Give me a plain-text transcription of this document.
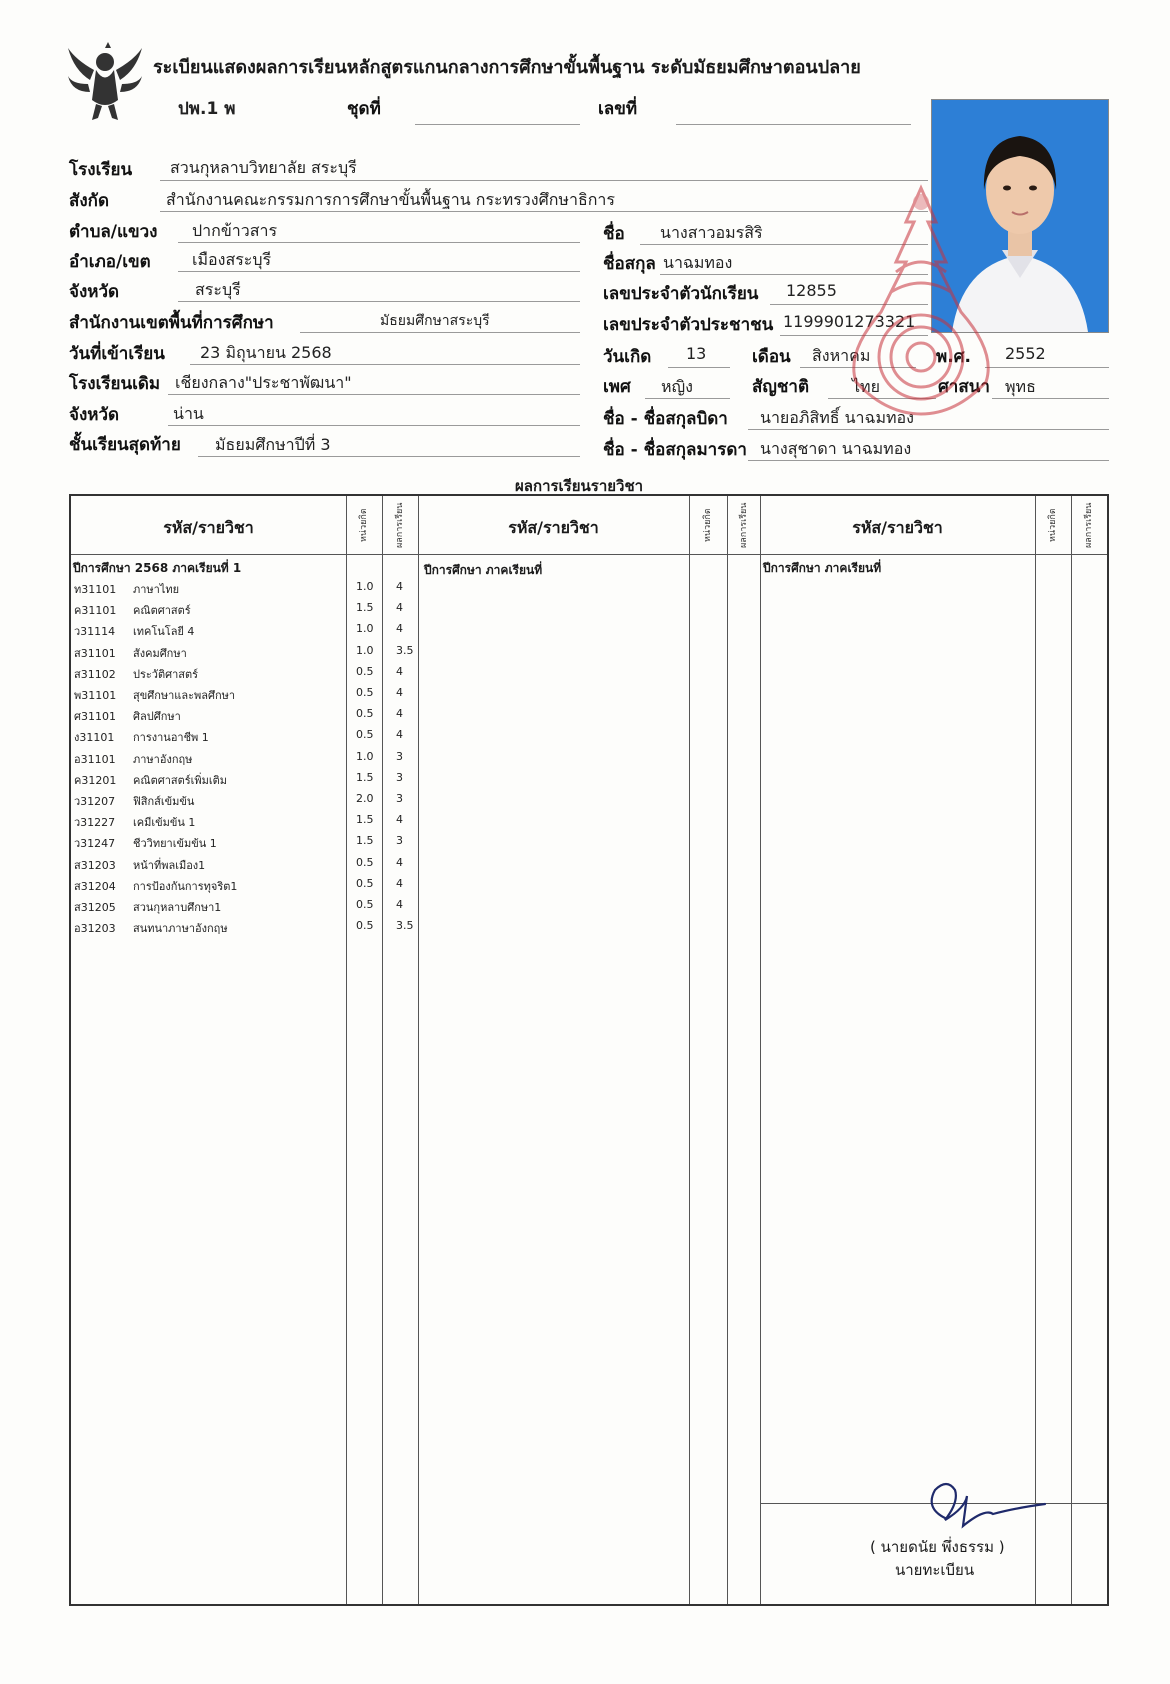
ระเบียนแสดงผลการเรียนหลักสูตรแกนกลางการศึกษาขั้นพื้นฐาน ระดับมัธยมศึกษาตอนปลาย
ปพ.1 พ	ชุดที่	เลขที่
โรงเรียน สวนกุหลาบวิทยาลัย สระบุรี
สังกัด	สำนักงานคณะกรรมการการศึกษาขั้นพื้นฐาน กระทรวงศึกษาธิการ
ตำบล/แขวง ปากข้าวสาร
อำเภอ/เขต	เมืองสระบุรี
จังหวัด	สระบุรี
สำนักงานเขตพื้นที่การศึกษา	มัธยมศึกษาสระบุรี
วันที่เข้าเรียน 23 มิถุนายน 2568
โรงเรียนเดิม เชียงกลาง"ประชาพัฒนา"
จังหวัด	น่าน
ชั้นเรียนสุดท้าย มัธยมศึกษาปีที่ 3
ชื่อ นางสาวอมรสิริ
ชื่อสกุล นาฉมทอง
เลขประจำตัวนักเรียน 12855
เลขประจำตัวประชาชน 1199901273321
วันเกิด 13	เดือน สิงหาคม	พ.ศ. 2552
เพศ หญิง	สัญชาติ	ไทย	ศาสนา พุทธ
ชื่อ - ชื่อสกุลบิดา นายอภิสิทธิ์ นาฉมทอง
ชื่อ - ชื่อสกุลมารดา นางสุชาดา นาฉมทอง
ผลการเรียนรายวิชา
รหัส/รายวิชา	หน่วยกิต	ผลการเรียน	รหัส/รายวิชา	หน่วยกิต	ผลการเรียน	รหัส/รายวิชา	หน่วยกิต	ผลการเรียน
ปีการศึกษา 2568 ภาคเรียนที่ 1	ปีการศึกษา ภาคเรียนที่	ปีการศึกษา ภาคเรียนที่
ท31101 ภาษาไทย	1.0 4
ค31101 คณิตศาสตร์	1.5 4
ว31114 เทคโนโลยี 4	1.0 4
ส31101 สังคมศึกษา	1.0 3.5
ส31102 ประวัติศาสตร์	0.5 4
พ31101 สุขศึกษาและพลศึกษา	0.5 4
ศ31101 ศิลปศึกษา	0.5 4
ง31101 การงานอาชีพ 1	0.5 4
อ31101 ภาษาอังกฤษ	1.0 3
ค31201 คณิตศาสตร์เพิ่มเติม	1.5 3
ว31207 ฟิสิกส์เข้มข้น	2.0 3
ว31227 เคมีเข้มข้น 1	1.5 4
ว31247 ชีววิทยาเข้มข้น 1	1.5 3
ส31203 หน้าที่พลเมือง1	0.5 4
ส31204 การป้องกันการทุจริต1	0.5 4
ส31205 สวนกุหลาบศึกษา1	0.5 4
อ31203 สนทนาภาษาอังกฤษ	0.5 3.5
( นายดนัย พึ่งธรรม )
นายทะเบียน
